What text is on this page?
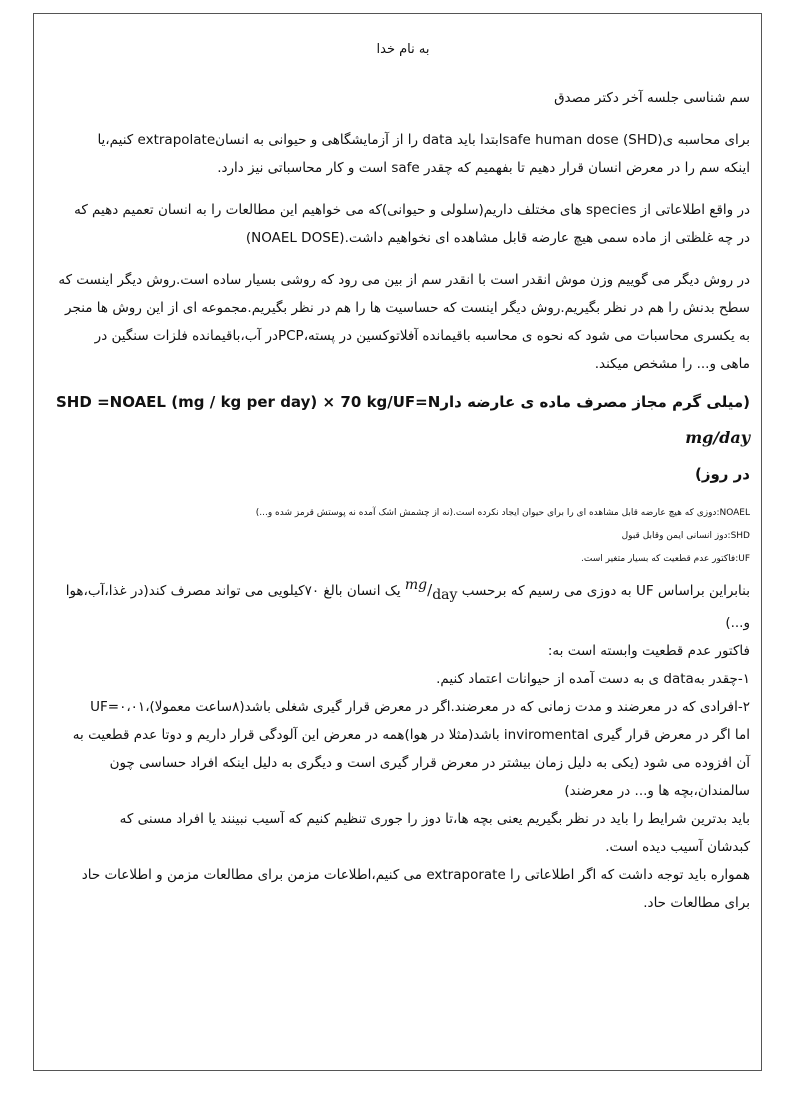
به نام خدا

سم شناسی جلسه آخر دکتر مصدق

برای محاسبه ی(SHD) safe human doseابتدا باید data را از آزمایشگاهی و حیوانی به انسانextrapolate کنیم،یا

اینکه سم را در معرض انسان قرار دهیم تا بفهمیم که چقدر safe است و کار محاسباتی نیز دارد.

در واقع اطلاعاتی از species های مختلف داریم(سلولی و حیوانی)که می خواهیم این مطالعات را به انسان تعمیم دهیم که

در چه غلظتی از ماده سمی هیچ عارضه قابل مشاهده ای نخواهیم داشت.(NOAEL DOSE)

در روش دیگر می گوییم وزن موش انقدر است با انقدر سم از بین می رود که روشی بسیار ساده است.روش دیگر اینست که

سطح بدنش را هم در نظر بگیریم.روش دیگر اینست که حساسیت ها را هم در نظر بگیریم.مجموعه ای از این روش ها منجر

به یکسری محاسبات می شود که نحوه ی محاسبه باقیمانده آفلاتوکسین در پسته،PCPدر آب،باقیمانده فلزات سنگین در

ماهی و... را مشخص میکند.

(میلی گرم مجاز مصرف ماده ی عارضه دارSHD =NOAEL (mg / kg per day) × 70 kg/UF=N mg/day

در روز)

NOAEL:دوزی که هیچ عارضه قابل مشاهده ای را برای حیوان ایجاد نکرده است.(نه از چشمش اشک آمده نه پوستش قرمز شده و...)

SHD:دوز انسانی ایمن وقابل قبول

UF:فاکتور عدم قطعیت که بسیار متغیر است.

بنابراین براساس UF به دوزی می رسیم که برحسب $^{mg}/_{day}$ یک انسان بالغ ۷۰کیلویی می تواند مصرف کند(در غذا،آب،هوا

و...)

فاکتور عدم قطعیت وابسته است به:

۱-چقدر بهdata ی به دست آمده از حیوانات اعتماد کنیم.

۲-افرادی که در معرضند و مدت زمانی که در معرضند.اگر در معرض قرار گیری شغلی باشد(۸ساعت معمولا)،UF=۰،۰۱

اما اگر در معرض قرار گیری inviromental باشد(مثلا در هوا)همه در معرض این آلودگی قرار داریم و دوتا عدم قطعیت به

آن افزوده می شود (یکی به دلیل زمان بیشتر در معرض قرار گیری است و دیگری به دلیل اینکه افراد حساسی چون

سالمندان،بچه ها و... در معرضند)

باید بدترین شرایط را باید در نظر بگیریم یعنی بچه ها،تا دوز را جوری تنظیم کنیم که آسیب نبینند یا افراد مسنی که

کبدشان آسیب دیده است.

همواره باید توجه داشت که اگر اطلاعاتی را extraporate می کنیم،اطلاعات مزمن برای مطالعات مزمن و اطلاعات حاد

برای مطالعات حاد.
